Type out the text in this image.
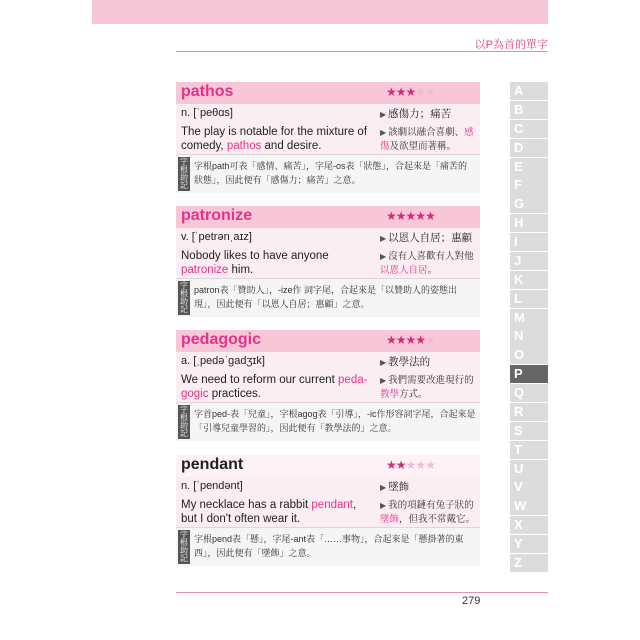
以P為首的單字
pathos	★★★★★
n. [ˈpeθɑs]	▶ 感傷力；痛苦
The play is notable for the mixture of comedy, pathos and desire.
▶ 該劇以融合喜劇、感傷及欲望而著稱。
字根助記
字根path可表「感情、痛苦」，字尾-os表「狀態」，合起來是「痛苦的狀態」，因此便有「感傷力；痛苦」之意。
patronize	★★★★★
v. [ˈpetrənˌaɪz]	▶ 以恩人自居；惠顧
Nobody likes to have anyone patronize him.
▶ 沒有人喜歡有人對他以恩人自居。
字根助記
patron表「贊助人」，-ize作 詞字尾，合起來是「以贊助人的姿態出現」，因此便有「以恩人自居；惠顧」之意。
pedagogic	★★★★★
a. [ˌpedəˈgadʒɪk]	▶ 教學法的
We need to reform our current peda-gogic practices.
▶ 我們需要改進現行的教學方式。
字根助記
字首ped-表「兒童」，字根agog表「引導」，-ic作形容詞字尾，合起來是「引導兒童學習的」，因此便有「教學法的」之意。
pendant	★★★★★
n. [ˈpendənt]	▶ 墜飾
My necklace has a rabbit pendant, but I don't often wear it.
▶ 我的項鏈有兔子狀的墜飾，但我不常戴它。
字根助記
字根pend表「懸」，字尾-ant表「……事物」，合起來是「懸掛著的東西」，因此便有「墜飾」之意。
A
B
C
D
E
F
G
H
I
J
K
L
M
N
O
P
Q
R
S
T
U
V
W
X
Y
Z
279
